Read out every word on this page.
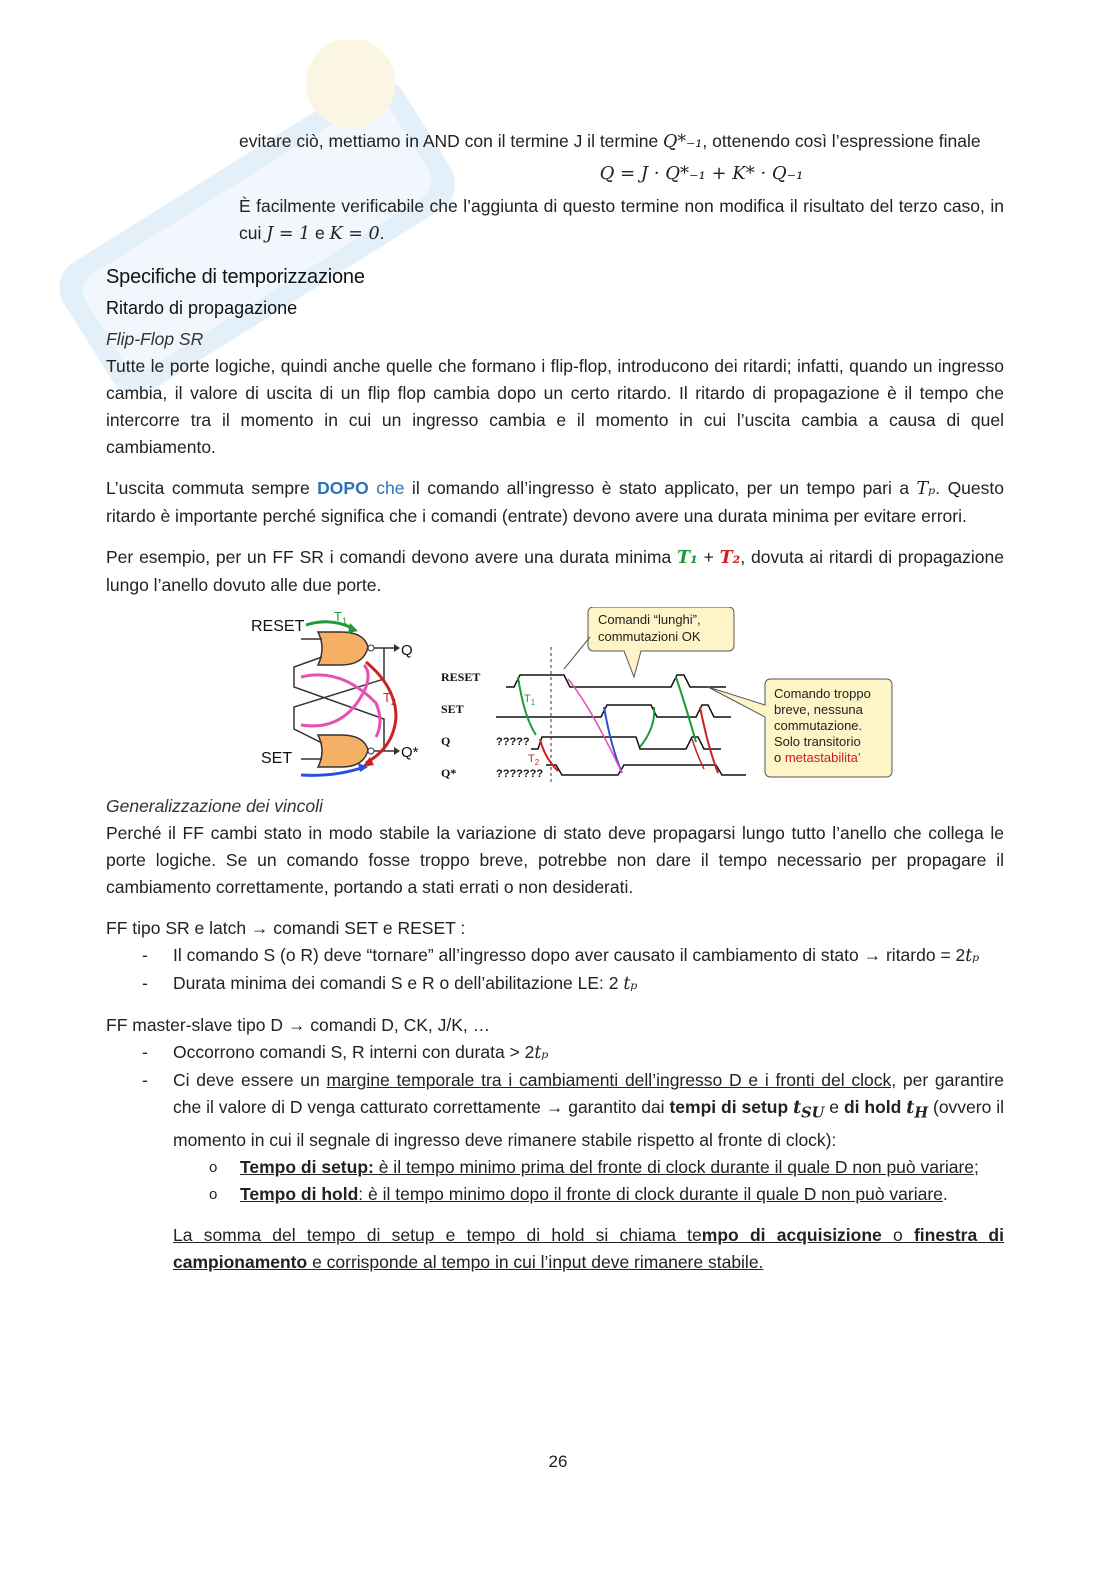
evitare ciò, mettiamo in AND con il termine J il termine Q*₋₁, ottenendo così l’espressione finale

Q = J · Q*₋₁ + K* · Q₋₁

È facilmente verificabile che l’aggiunta di questo termine non modifica il risultato del terzo caso, in cui J = 1 e K = 0.

Specifiche di temporizzazione
Ritardo di propagazione

Flip-Flop SR

Tutte le porte logiche, quindi anche quelle che formano i flip-flop, introducono dei ritardi; infatti, quando un ingresso cambia, il valore di uscita di un flip flop cambia dopo un certo ritardo. Il ritardo di propagazione è il tempo che intercorre tra il momento in cui un ingresso cambia e il momento in cui l’uscita cambia a causa di quel cambiamento.

L’uscita commuta sempre DOPO che il comando all’ingresso è stato applicato, per un tempo pari a Tₚ. Questo ritardo è importante perché significa che i comandi (entrate) devono avere una durata minima per evitare errori.

Per esempio, per un FF SR i comandi devono avere una durata minima T₁ + T₂, dovuta ai ritardi di propagazione lungo l’anello dovuto alle due porte.

RESET
SET
Q
Q*
$T_1$
$T_2$
RESET
SET
Q
Q*
?????
???????
$T_1$
$T_2$
Comandi “lunghi”,
commutazioni OK
Comando troppo
breve, nessuna
commutazione.
Solo transitorio
o metastabilita’

Generalizzazione dei vincoli

Perché il FF cambi stato in modo stabile la variazione di stato deve propagarsi lungo tutto l’anello che collega le porte logiche. Se un comando fosse troppo breve, potrebbe non dare il tempo necessario per propagare il cambiamento correttamente, portando a stati errati o non desiderati.

FF tipo SR e latch → comandi SET e RESET :

- Il comando S (o R) deve “tornare” all’ingresso dopo aver causato il cambiamento di stato → ritardo = 2tₚ
- Durata minima dei comandi S e R o dell’abilitazione LE: 2 tₚ

FF master-slave tipo D → comandi D, CK, J/K, …

- Occorrono comandi S, R interni con durata > 2tₚ
- Ci deve essere un margine temporale tra i cambiamenti dell’ingresso D e i fronti del clock, per garantire che il valore di D venga catturato correttamente → garantito dai tempi di setup $t_{SU}$ e di hold $t_H$ (ovvero il momento in cui il segnale di ingresso deve rimanere stabile rispetto al fronte di clock):
o Tempo di setup: è il tempo minimo prima del fronte di clock durante il quale D non può variare;
o Tempo di hold: è il tempo minimo dopo il fronte di clock durante il quale D non può variare.

La somma del tempo di setup e tempo di hold si chiama tempo di acquisizione o finestra di campionamento e corrisponde al tempo in cui l’input deve rimanere stabile.

26
